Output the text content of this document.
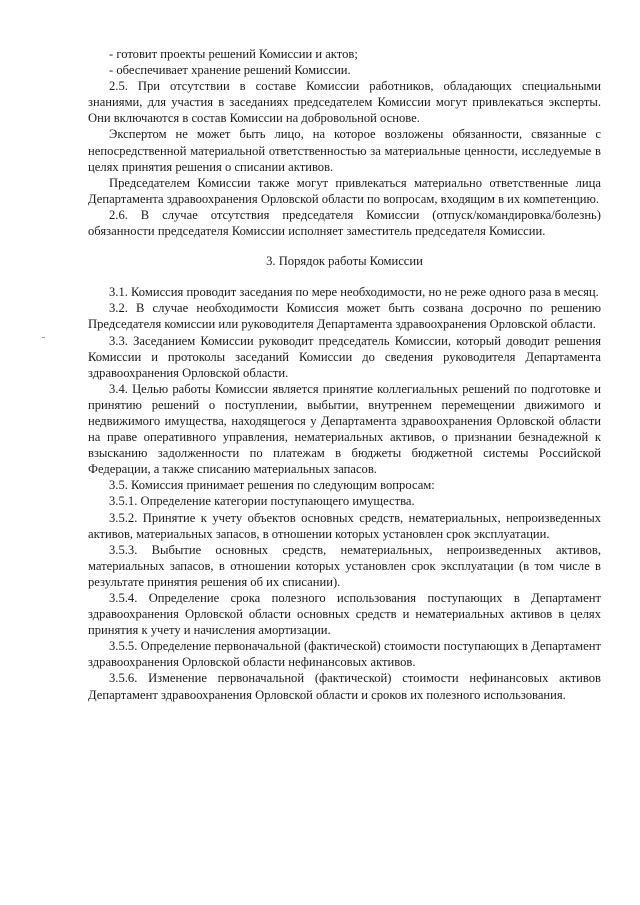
- готовит проекты решений Комиссии и актов;

- обеспечивает хранение решений Комиссии.

2.5. При отсутствии в составе Комиссии работников, обладающих специальными знаниями, для участия в заседаниях председателем Комиссии могут привлекаться эксперты. Они включаются в состав Комиссии на добровольной основе.

Экспертом не может быть лицо, на которое возложены обязанности, связанные с непосредственной материальной ответственностью за материальные ценности, исследуемые в целях принятия решения о списании активов.

Председателем Комиссии также могут привлекаться материально ответственные лица Департамента здравоохранения Орловской области по вопросам, входящим в их компетенцию.

2.6. В случае отсутствия председателя Комиссии (отпуск/командировка/болезнь) обязанности председателя Комиссии исполняет заместитель председателя Комиссии.

3. Порядок работы Комиссии

3.1. Комиссия проводит заседания по мере необходимости, но не реже одного раза в месяц.

3.2. В случае необходимости Комиссия может быть созвана досрочно по решению Председателя комиссии или руководителя Департамента здравоохранения Орловской области.

3.3. Заседанием Комиссии руководит председатель Комиссии, который доводит решения Комиссии и протоколы заседаний Комиссии до сведения руководителя Департамента здравоохранения Орловской области.

3.4. Целью работы Комиссии является принятие коллегиальных решений по подготовке и принятию решений о поступлении, выбытии, внутреннем перемещении движимого и недвижимого имущества, находящегося у Департамента здравоохранения Орловской области на праве оперативного управления, нематериальных активов, о признании безнадежной к взысканию задолженности по платежам в бюджеты бюджетной системы Российской Федерации, а также списанию материальных запасов.

3.5. Комиссия принимает решения по следующим вопросам:

3.5.1. Определение категории поступающего имущества.

3.5.2. Принятие к учету объектов основных средств, нематериальных, непроизведенных активов, материальных запасов, в отношении которых установлен срок эксплуатации.

3.5.3. Выбытие основных средств, нематериальных, непроизведенных активов, материальных запасов, в отношении которых установлен срок эксплуатации (в том числе в результате принятия решения об их списании).

3.5.4. Определение срока полезного использования поступающих в Департамент здравоохранения Орловской области основных средств и нематериальных активов в целях принятия к учету и начисления амортизации.

3.5.5. Определение первоначальной (фактической) стоимости поступающих в Департамент здравоохранения Орловской области нефинансовых активов.

3.5.6. Изменение первоначальной (фактической) стоимости нефинансовых активов Департамент здравоохранения Орловской области и сроков их полезного использования.
